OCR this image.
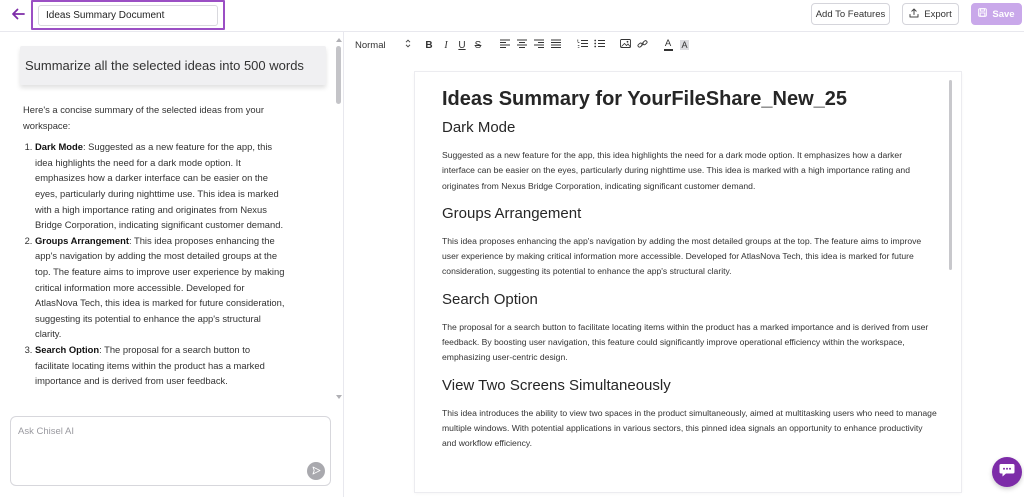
Ideas Summary Document
Add To Features	Export	Save
Summarize all the selected ideas into 500 words

Here's a concise summary of the selected ideas from your workspace:

1. Dark Mode: Suggested as a new feature for the app, this idea highlights the need for a dark mode option. It emphasizes how a darker interface can be easier on the eyes, particularly during nighttime use. This idea is marked with a high importance rating and originates from Nexus Bridge Corporation, indicating significant customer demand.
2. Groups Arrangement: This idea proposes enhancing the app's navigation by adding the most detailed groups at the top. The feature aims to improve user experience by making critical information more accessible. Developed for AtlasNova Tech, this idea is marked for future consideration, suggesting its potential to enhance the app's structural clarity.
3. Search Option: The proposal for a search button to facilitate locating items within the product has a marked importance and is derived from user feedback.
Ask Chisel AI
Normal	B I U S	A A
Ideas Summary for YourFileShare_New_25
Dark Mode
Suggested as a new feature for the app, this idea highlights the need for a dark mode option. It emphasizes how a darker interface can be easier on the eyes, particularly during nighttime use. This idea is marked with a high importance rating and originates from Nexus Bridge Corporation, indicating significant customer demand.
Groups Arrangement
This idea proposes enhancing the app's navigation by adding the most detailed groups at the top. The feature aims to improve user experience by making critical information more accessible. Developed for AtlasNova Tech, this idea is marked for future consideration, suggesting its potential to enhance the app's structural clarity.
Search Option
The proposal for a search button to facilitate locating items within the product has a marked importance and is derived from user feedback. By boosting user navigation, this feature could significantly improve operational efficiency within the workspace, emphasizing user-centric design.
View Two Screens Simultaneously
This idea introduces the ability to view two spaces in the product simultaneously, aimed at multitasking users who need to manage multiple windows. With potential applications in various sectors, this pinned idea signals an opportunity to enhance productivity and workflow efficiency.
